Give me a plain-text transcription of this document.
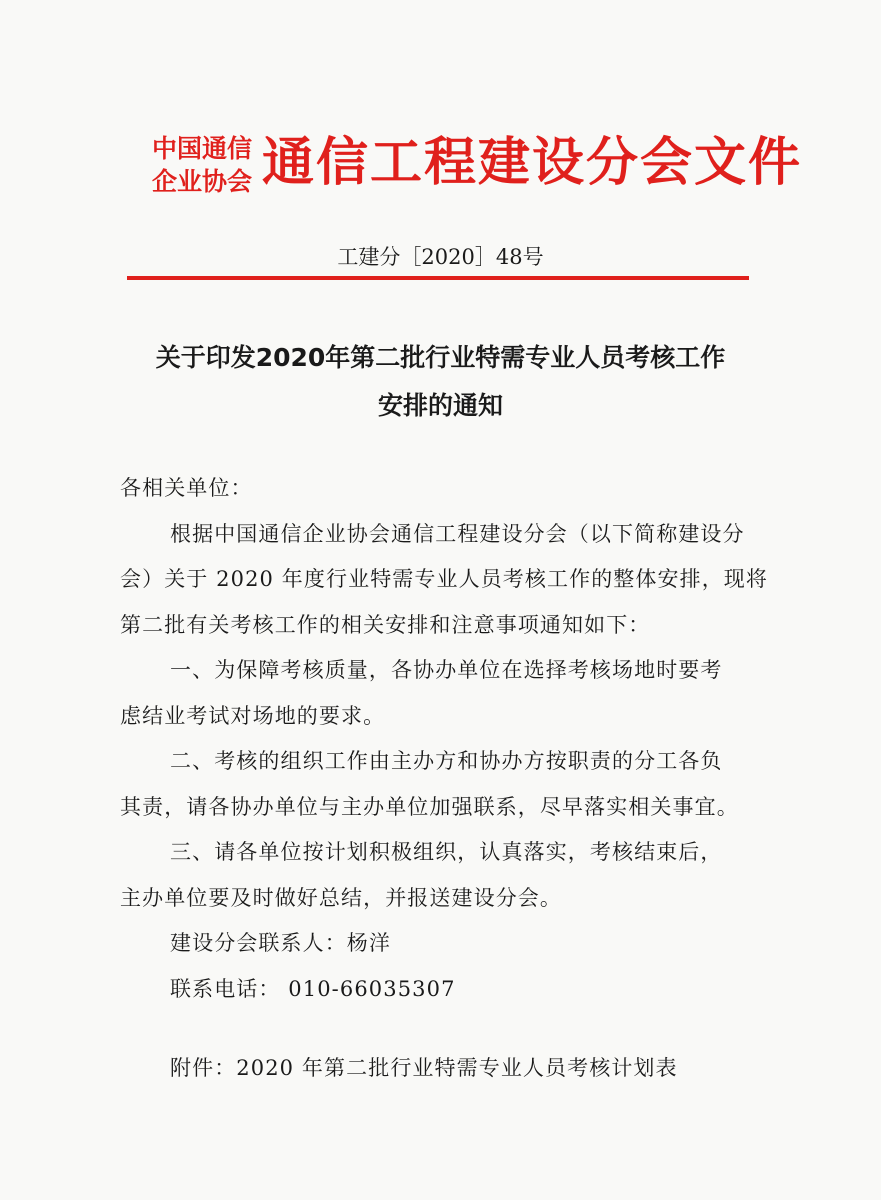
中国通信
企业协会 通信工程建设分会文件
工建分［2020］48号
关于印发2020年第二批行业特需专业人员考核工作
安排的通知
各相关单位：
根据中国通信企业协会通信工程建设分会（以下简称建设分
会）关于 2020 年度行业特需专业人员考核工作的整体安排，现将
第二批有关考核工作的相关安排和注意事项通知如下：
一、为保障考核质量，各协办单位在选择考核场地时要考
虑结业考试对场地的要求。
二、考核的组织工作由主办方和协办方按职责的分工各负
其责，请各协办单位与主办单位加强联系，尽早落实相关事宜。
三、请各单位按计划积极组织，认真落实，考核结束后，
主办单位要及时做好总结，并报送建设分会。
建设分会联系人：杨洋
联系电话： 010-66035307
附件：2020 年第二批行业特需专业人员考核计划表
